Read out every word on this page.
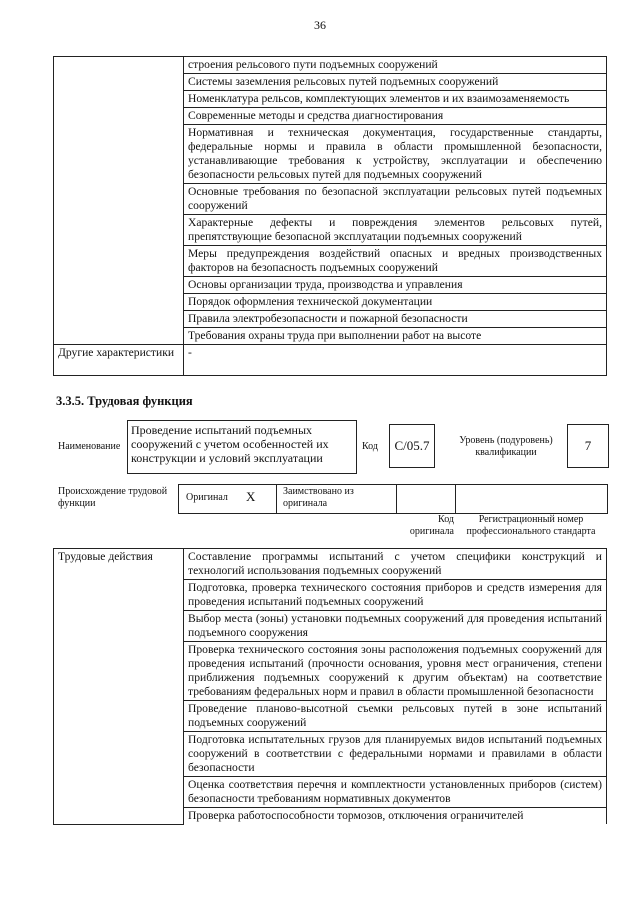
36
	строения рельсового пути подъемных сооружений
	Системы заземления рельсовых путей подъемных сооружений
	Номенклатура рельсов, комплектующих элементов и их взаимозаменяемость
	Современные методы и средства диагностирования
	Нормативная и техническая документация, государственные стандарты, федеральные нормы и правила в области промышленной безопасности, устанавливающие требования к устройству, эксплуатации и обеспечению безопасности рельсовых путей для подъемных сооружений
	Основные требования по безопасной эксплуатации рельсовых путей подъемных сооружений
	Характерные дефекты и повреждения элементов рельсовых путей, препятствующие безопасной эксплуатации подъемных сооружений
	Меры предупреждения воздействий опасных и вредных производственных факторов на безопасность подъемных сооружений
	Основы организации труда, производства и управления
	Порядок оформления технической документации
	Правила электробезопасности и пожарной безопасности
	Требования охраны труда при выполнении работ на высоте
Другие характеристики	-
3.3.5. Трудовая функция
Наименование
Проведение испытаний подъемных сооружений с учетом особенностей их конструкции и условий эксплуатации
Код	С/05.7	Уровень (подуровень) квалификации	7
Происхождение трудовой функции
Оригинал X	Заимствовано из оригинала
Код оригинала
Регистрационный номер профессионального стандарта
Трудовые действия	Составление программы испытаний с учетом специфики конструкций и технологий использования подъемных сооружений
Подготовка, проверка технического состояния приборов и средств измерения для проведения испытаний подъемных сооружений
Выбор места (зоны) установки подъемных сооружений для проведения испытаний подъемного сооружения
Проверка технического состояния зоны расположения подъемных сооружений для проведения испытаний (прочности основания, уровня мест ограничения, степени приближения подъемных сооружений к другим объектам) на соответствие требованиям федеральных норм и правил в области промышленной безопасности
Проведение планово-высотной съемки рельсовых путей в зоне испытаний подъемных сооружений
Подготовка испытательных грузов для планируемых видов испытаний подъемных сооружений в соответствии с федеральными нормами и правилами в области безопасности
Оценка соответствия перечня и комплектности установленных приборов (систем) безопасности требованиям нормативных документов
Проверка работоспособности тормозов, отключения ограничителей
